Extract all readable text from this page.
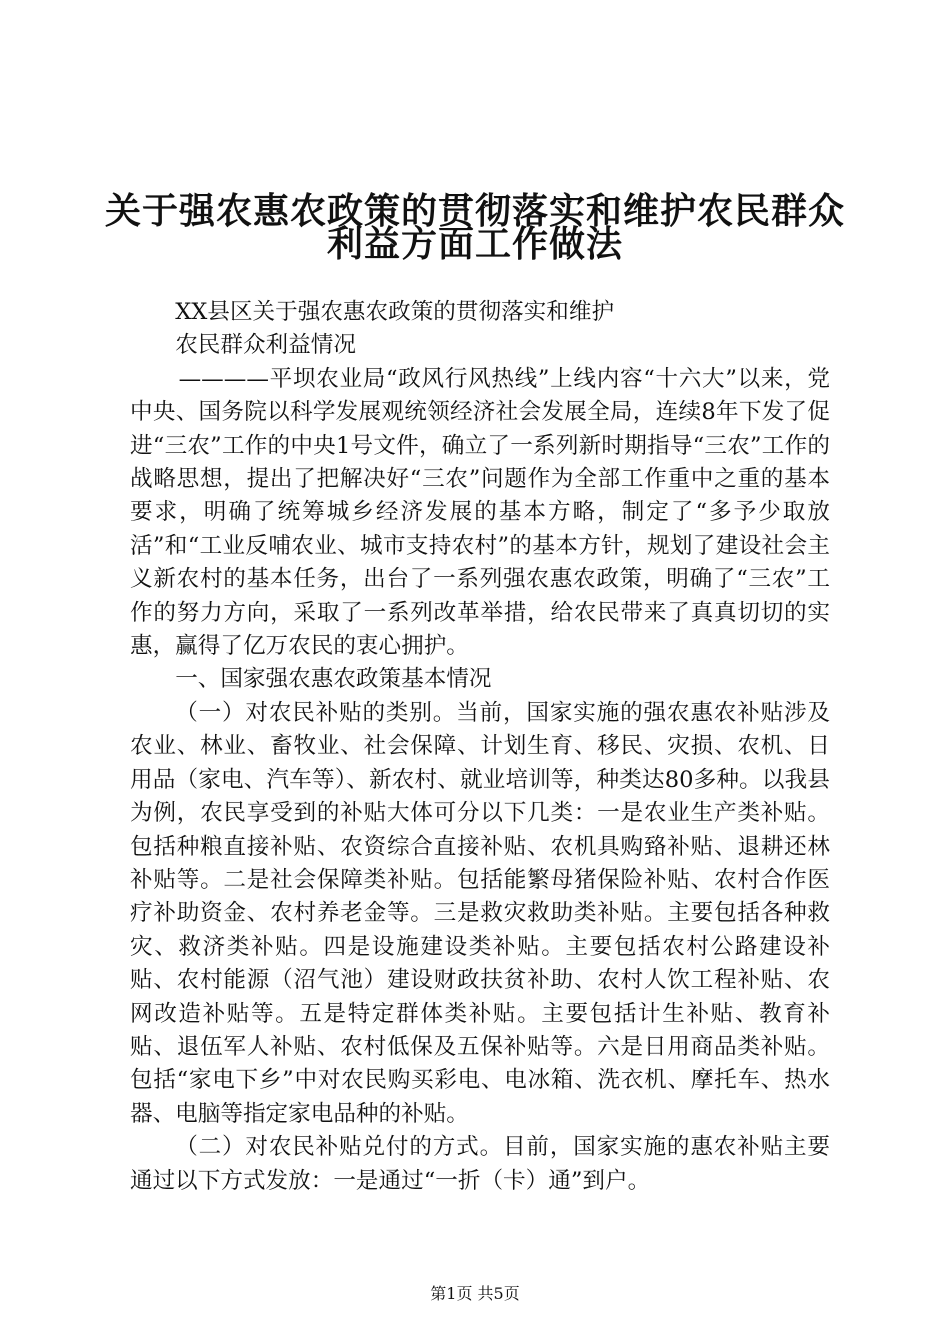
关于强农惠农政策的贯彻落实和维护农民群众
利益方面工作做法

XX县区关于强农惠农政策的贯彻落实和维护

农民群众利益情况

————平坝农业局“政风行风热线”上线内容“十六大”以来，党中央、国务院以科学发展观统领经济社会发展全局，连续8年下发了促进“三农”工作的中央1号文件，确立了一系列新时期指导“三农”工作的战略思想，提出了把解决好“三农”问题作为全部工作重中之重的基本要求，明确了统筹城乡经济发展的基本方略，制定了“多予少取放活”和“工业反哺农业、城市支持农村”的基本方针，规划了建设社会主义新农村的基本任务，出台了一系列强农惠农政策，明确了“三农”工作的努力方向，采取了一系列改革举措，给农民带来了真真切切的实惠，赢得了亿万农民的衷心拥护。

一、国家强农惠农政策基本情况

（一）对农民补贴的类别。当前，国家实施的强农惠农补贴涉及农业、林业、畜牧业、社会保障、计划生育、移民、灾损、农机、日用品（家电、汽车等）、新农村、就业培训等，种类达80多种。以我县为例，农民享受到的补贴大体可分以下几类：一是农业生产类补贴。包括种粮直接补贴、农资综合直接补贴、农机具购臵补贴、退耕还林补贴等。二是社会保障类补贴。包括能繁母猪保险补贴、农村合作医疗补助资金、农村养老金等。三是救灾救助类补贴。主要包括各种救灾、救济类补贴。四是设施建设类补贴。主要包括农村公路建设补贴、农村能源（沼气池）建设财政扶贫补助、农村人饮工程补贴、农网改造补贴等。五是特定群体类补贴。主要包括计生补贴、教育补贴、退伍军人补贴、农村低保及五保补贴等。六是日用商品类补贴。包括“家电下乡”中对农民购买彩电、电冰箱、洗衣机、摩托车、热水器、电脑等指定家电品种的补贴。

（二）对农民补贴兑付的方式。目前，国家实施的惠农补贴主要通过以下方式发放：一是通过“一折（卡）通”到户。

第1页 共5页
